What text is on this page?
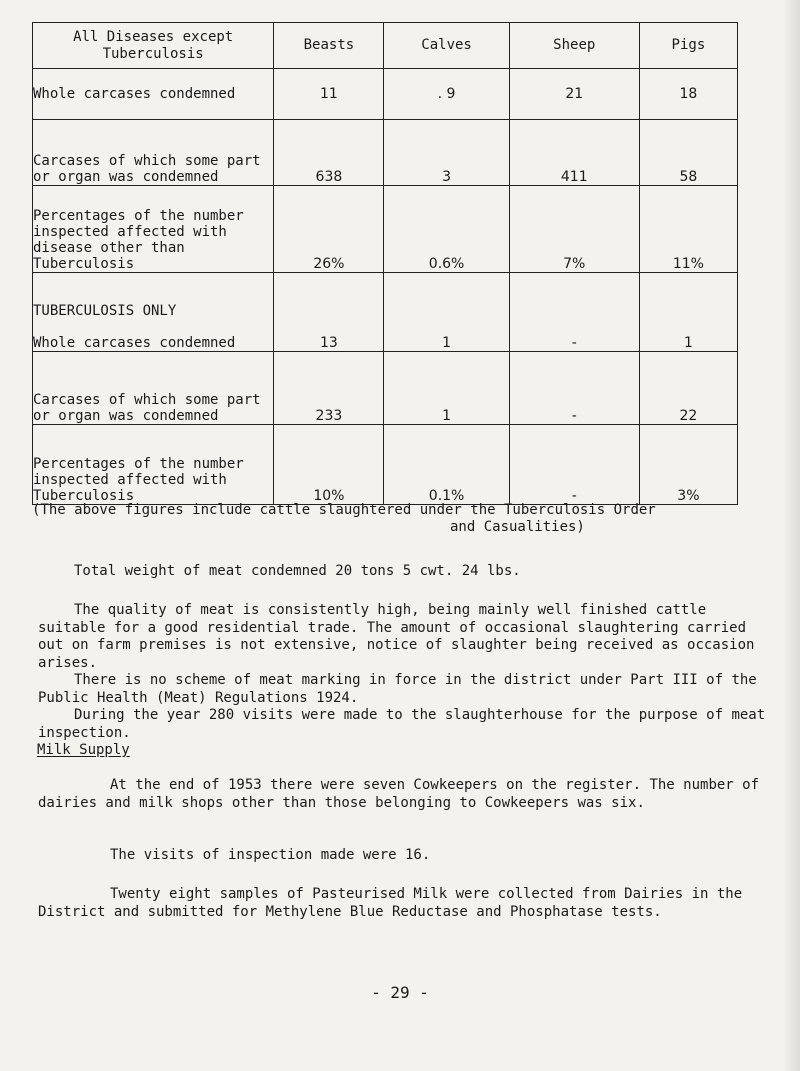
All Diseases except Tuberculosis	Beasts	Calves	Sheep	Pigs
Whole carcases condemned	11	. 9	21	18
Carcases of which some part or organ was condemned	638	3	411	58
Percentages of the number inspected affected with disease other than Tuberculosis	26%	0.6%	7%	11%

TUBERCULOSIS ONLY
Whole carcases condemned	13	1	-	1
Carcases of which some part or organ was condemned	233	1	-	22
Percentages of the number inspected affected with Tuberculosis	10%	0.1%	-	3%
(The above figures include cattle slaughtered under the Tuberculosis Order
and Casualities)

Total weight of meat condemned 20 tons 5 cwt. 24 lbs.

The quality of meat is consistently high, being mainly well finished cattle suitable for a good residential trade. The amount of occasional slaughtering carried out on farm premises is not extensive, notice of slaughter being received as occasion arises.

There is no scheme of meat marking in force in the district under Part III of the Public Health (Meat) Regulations 1924.

During the year 280 visits were made to the slaughterhouse for the purpose of meat inspection.

Milk Supply

At the end of 1953 there were seven Cowkeepers on the register. The number of dairies and milk shops other than those belonging to Cowkeepers was six.

The visits of inspection made were 16.

Twenty eight samples of Pasteurised Milk were collected from Dairies in the District and submitted for Methylene Blue Reductase and Phosphatase tests.

- 29 -
